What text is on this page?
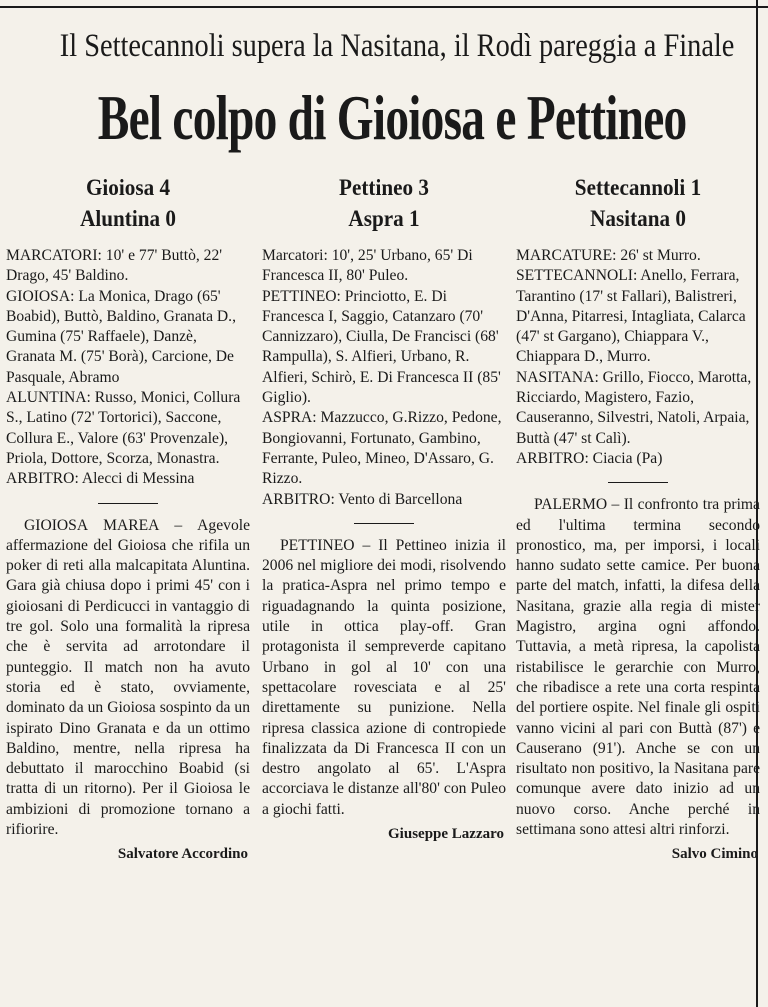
Il Settecannoli supera la Nasitana, il Rodì pareggia a Finale
Bel colpo di Gioiosa e Pettineo
Gioiosa 4
Aluntina 0

MARCATORI: 10' e 77' Buttò, 22' Drago, 45' Baldino.

GIOIOSA: La Monica, Drago (65' Boabid), Buttò, Baldino, Granata D., Gumina (75' Raffaele), Danzè, Granata M. (75' Borà), Carcione, De Pasquale, Abramo

ALUNTINA: Russo, Monici, Collura S., Latino (72' Tortorici), Saccone, Collura E., Valore (63' Provenzale), Priola, Dottore, Scorza, Monastra.

ARBITRO: Alecci di Messina

GIOIOSA MAREA – Agevole affermazione del Gioiosa che rifila un poker di reti alla malcapitata Aluntina. Gara già chiusa dopo i primi 45' con i gioiosani di Perdicucci in vantaggio di tre gol. Solo una formalità la ripresa che è servita ad arrotondare il punteggio. Il match non ha avuto storia ed è stato, ovviamente, dominato da un Gioiosa sospinto da un ispirato Dino Granata e da un ottimo Baldino, mentre, nella ripresa ha debuttato il marocchino Boabid (si tratta di un ritorno). Per il Gioiosa le ambizioni di promozione tornano a rifiorire.

Salvatore Accordino
Pettineo 3
Aspra 1

Marcatori: 10', 25' Urbano, 65' Di Francesca II, 80' Puleo.

PETTINEO: Princiotto, E. Di Francesca I, Saggio, Catanzaro (70' Cannizzaro), Ciulla, De Francisci (68' Rampulla), S. Alfieri, Urbano, R. Alfieri, Schirò, E. Di Francesca II (85' Giglio).

ASPRA: Mazzucco, G.Rizzo, Pedone, Bongiovanni, Fortunato, Gambino, Ferrante, Puleo, Mineo, D'Assaro, G. Rizzo.

ARBITRO: Vento di Barcellona

PETTINEO – Il Pettineo inizia il 2006 nel migliore dei modi, risolvendo la pratica-Aspra nel primo tempo e riguadagnando la quinta posizione, utile in ottica play-off. Gran protagonista il sempreverde capitano Urbano in gol al 10' con una spettacolare rovesciata e al 25' direttamente su punizione. Nella ripresa classica azione di contropiede finalizzata da Di Francesca II con un destro angolato al 65'. L'Aspra accorciava le distanze all'80' con Puleo a giochi fatti.

Giuseppe Lazzaro
Settecannoli 1
Nasitana 0

MARCATURE: 26' st Murro.

SETTECANNOLI: Anello, Ferrara, Tarantino (17' st Fallari), Balistreri, D'Anna, Pitarresi, Intagliata, Calarca (47' st Gargano), Chiappara V., Chiappara D., Murro.

NASITANA: Grillo, Fiocco, Marotta, Ricciardo, Magistero, Fazio, Causeranno, Silvestri, Natoli, Arpaia, Buttà (47' st Calì).

ARBITRO: Ciacia (Pa)

PALERMO – Il confronto tra prima ed l'ultima termina secondo pronostico, ma, per imporsi, i locali hanno sudato sette camice. Per buona parte del match, infatti, la difesa della Nasitana, grazie alla regia di mister Magistro, argina ogni affondo. Tuttavia, a metà ripresa, la capolista ristabilisce le gerarchie con Murro, che ribadisce a rete una corta respinta del portiere ospite. Nel finale gli ospiti vanno vicini al pari con Buttà (87') e Causerano (91'). Anche se con un risultato non positivo, la Nasitana pare comunque avere dato inizio ad un nuovo corso. Anche perché in settimana sono attesi altri rinforzi.

Salvo Cimino
